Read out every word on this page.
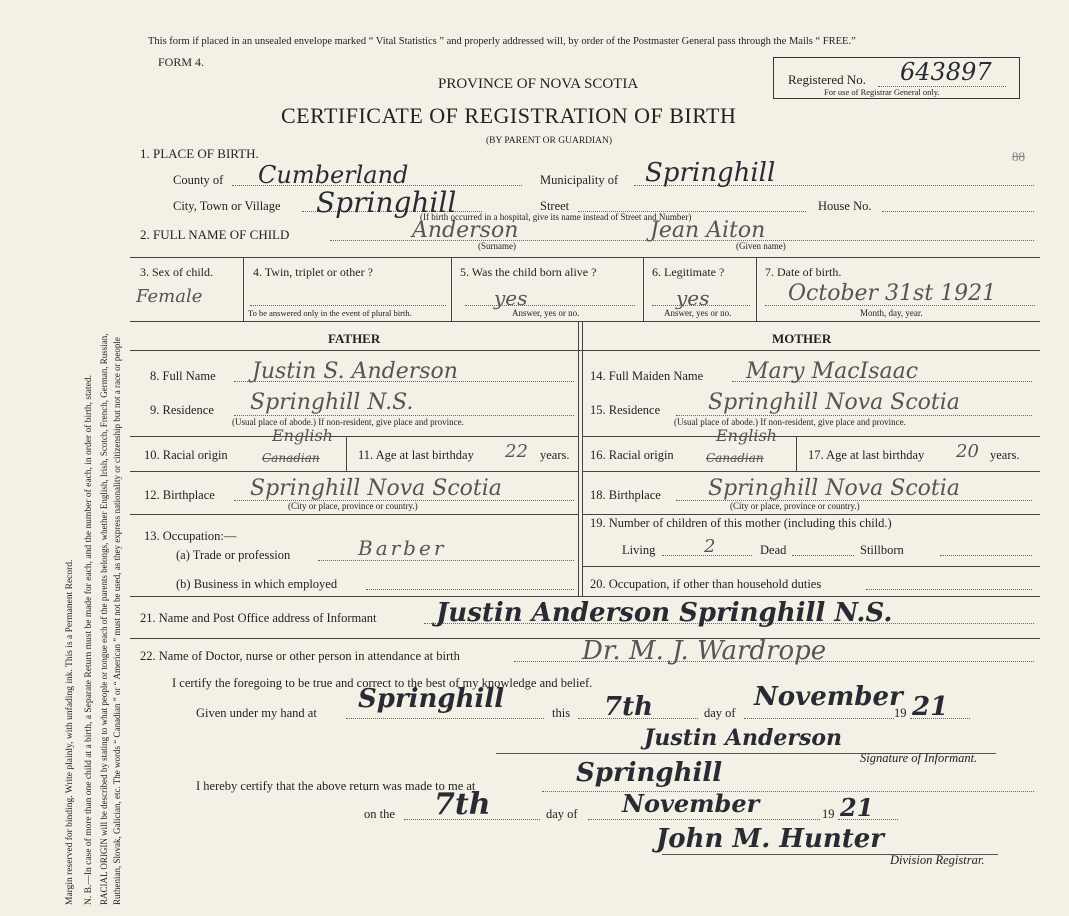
Margin reserved for binding. Write plainly, with unfading ink. This is a Permanent Record. N. B.—In case of more than one child at a birth, a Separate Return must be made for each, and the number of each, in order of birth, stated. RACIAL ORIGIN will be described by stating to what people or tongue each of the parents belongs, whether English, Irish, Scotch, French, German, Russian, Ruthenian, Slovak, Galician, etc. The words “ Canadian ” or “ American ” must not be used, as they express nationality or citizenship but not a race or people
This form if placed in an unsealed envelope marked “ Vital Statistics ” and properly addressed will, by order of the Postmaster General pass through the Mails “ FREE.”
FORM 4.
PROVINCE OF NOVA SCOTIA
CERTIFICATE OF REGISTRATION OF BIRTH
(BY PARENT OR GUARDIAN)
Registered No. 643897
For use of Registrar General only.
1. PLACE OF BIRTH.	88
County of Cumberland	Municipality of Springhill
City, Town or Village Springhill	Street	House No.
(If birth occurred in a hospital, give its name instead of Street and Number)
2. FULL NAME OF CHILD	Anderson
(Surname)
Jean Aiton
(Given name)
3. Sex of child.
Female
4. Twin, triplet or other ?
To be answered only in the event of plural birth.
5. Was the child born alive ?
yes
Answer, yes or no.
6. Legitimate ?
yes
Answer, yes or no.
7. Date of birth.
October 31st 1921
Month, day, year.
FATHER	MOTHER
8. Full Name Justin S. Anderson
9. Residence Springhill N.S.
(Usual place of abode.) If non-resident, give place and province.
10. Racial origin	Canadian
English
11. Age at last birthday 22 years.
12. Birthplace Springhill Nova Scotia
(City or place, province or country.)
13. Occupation:—
(a) Trade or profession	Barber
(b) Business in which employed
14. Full Maiden Name Mary MacIsaac
15. Residence Springhill Nova Scotia
(Usual place of abode.) If non-resident, give place and province.
16. Racial origin	Canadian
English
17. Age at last birthday 20 years.
18. Birthplace Springhill Nova Scotia
(City or place, province or country.)
19. Number of children of this mother (including this child.)
Living	2	Dead	Stillborn
20. Occupation, if other than household duties
21. Name and Post Office address of Informant Justin Anderson Springhill N.S.
22. Name of Doctor, nurse or other person in attendance at birth	Dr. M. J. Wardrope
I certify the foregoing to be true and correct to the best of my knowledge and belief.
Given under my hand at Springhill	this 7th	day of
November
19 21
Justin Anderson
Signature of Informant.
I hereby certify that the above return was made to me at	Springhill
on the 7th	day of November	19 21
John M. Hunter
Division Registrar.
